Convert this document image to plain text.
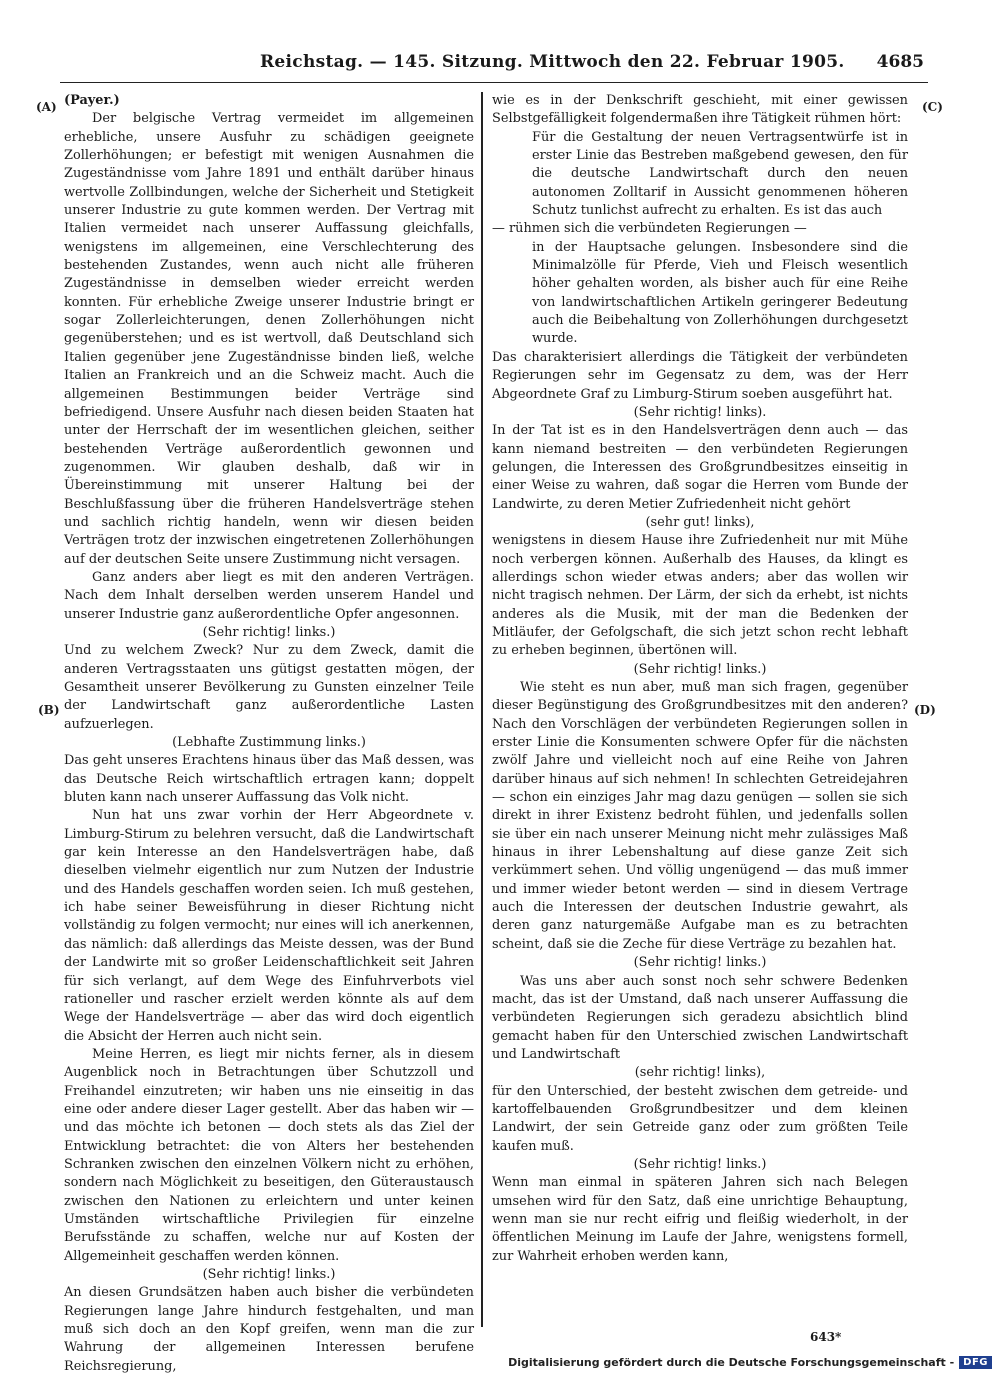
Reichstag. — 145. Sitzung. Mittwoch den 22. Februar 1905. 4685
(A)
(B)
(C)
(D)

(Payer.)

Der belgische Vertrag vermeidet im allgemeinen erhebliche, unsere Ausfuhr zu schädigen geeignete Zollerhöhungen; er befestigt mit wenigen Ausnahmen die Zugeständnisse vom Jahre 1891 und enthält darüber hinaus wertvolle Zollbindungen, welche der Sicherheit und Stetigkeit unserer Industrie zu gute kommen werden. Der Vertrag mit Italien vermeidet nach unserer Auffassung gleichfalls, wenigstens im allgemeinen, eine Verschlechterung des bestehenden Zustandes, wenn auch nicht alle früheren Zugeständnisse in demselben wieder erreicht werden konnten. Für erhebliche Zweige unserer Industrie bringt er sogar Zollerleichterungen, denen Zollerhöhungen nicht gegenüberstehen; und es ist wertvoll, daß Deutschland sich Italien gegenüber jene Zugeständnisse binden ließ, welche Italien an Frankreich und an die Schweiz macht. Auch die allgemeinen Bestimmungen beider Verträge sind befriedigend. Unsere Ausfuhr nach diesen beiden Staaten hat unter der Herrschaft der im wesentlichen gleichen, seither bestehenden Verträge außerordentlich gewonnen und zugenommen. Wir glauben deshalb, daß wir in Übereinstimmung mit unserer Haltung bei der Beschlußfassung über die früheren Handelsverträge stehen und sachlich richtig handeln, wenn wir diesen beiden Verträgen trotz der inzwischen eingetretenen Zollerhöhungen auf der deutschen Seite unsere Zustimmung nicht versagen.

Ganz anders aber liegt es mit den anderen Verträgen. Nach dem Inhalt derselben werden unserem Handel und unserer Industrie ganz außerordentliche Opfer angesonnen.

(Sehr richtig! links.)

Und zu welchem Zweck? Nur zu dem Zweck, damit die anderen Vertragsstaaten uns gütigst gestatten mögen, der Gesamtheit unserer Bevölkerung zu Gunsten einzelner Teile der Landwirtschaft ganz außerordentliche Lasten aufzuerlegen.

(Lebhafte Zustimmung links.)

Das geht unseres Erachtens hinaus über das Maß dessen, was das Deutsche Reich wirtschaftlich ertragen kann; doppelt bluten kann nach unserer Auffassung das Volk nicht.

Nun hat uns zwar vorhin der Herr Abgeordnete v. Limburg-Stirum zu belehren versucht, daß die Landwirtschaft gar kein Interesse an den Handelsverträgen habe, daß dieselben vielmehr eigentlich nur zum Nutzen der Industrie und des Handels geschaffen worden seien. Ich muß gestehen, ich habe seiner Beweisführung in dieser Richtung nicht vollständig zu folgen vermocht; nur eines will ich anerkennen, das nämlich: daß allerdings das Meiste dessen, was der Bund der Landwirte mit so großer Leidenschaftlichkeit seit Jahren für sich verlangt, auf dem Wege des Einfuhrverbots viel rationeller und rascher erzielt werden könnte als auf dem Wege der Handelsverträge — aber das wird doch eigentlich die Absicht der Herren auch nicht sein.

Meine Herren, es liegt mir nichts ferner, als in diesem Augenblick noch in Betrachtungen über Schutzzoll und Freihandel einzutreten; wir haben uns nie einseitig in das eine oder andere dieser Lager gestellt. Aber das haben wir — und das möchte ich betonen — doch stets als das Ziel der Entwicklung betrachtet: die von Alters her bestehenden Schranken zwischen den einzelnen Völkern nicht zu erhöhen, sondern nach Möglichkeit zu beseitigen, den Güteraustausch zwischen den Nationen zu erleichtern und unter keinen Umständen wirtschaftliche Privilegien für einzelne Berufsstände zu schaffen, welche nur auf Kosten der Allgemeinheit geschaffen werden können.

(Sehr richtig! links.)

An diesen Grundsätzen haben auch bisher die verbündeten Regierungen lange Jahre hindurch festgehalten, und man muß sich doch an den Kopf greifen, wenn man die zur Wahrung der allgemeinen Interessen berufene Reichsregierung,

wie es in der Denkschrift geschieht, mit einer gewissen Selbstgefälligkeit folgendermaßen ihre Tätigkeit rühmen hört:

Für die Gestaltung der neuen Vertragsentwürfe ist in erster Linie das Bestreben maßgebend gewesen, den für die deutsche Landwirtschaft durch den neuen autonomen Zolltarif in Aussicht genommenen höheren Schutz tunlichst aufrecht zu erhalten. Es ist das auch

— rühmen sich die verbündeten Regierungen —

in der Hauptsache gelungen. Insbesondere sind die Minimalzölle für Pferde, Vieh und Fleisch wesentlich höher gehalten worden, als bisher auch für eine Reihe von landwirtschaftlichen Artikeln geringerer Bedeutung auch die Beibehaltung von Zollerhöhungen durchgesetzt wurde.

Das charakterisiert allerdings die Tätigkeit der verbündeten Regierungen sehr im Gegensatz zu dem, was der Herr Abgeordnete Graf zu Limburg-Stirum soeben ausgeführt hat.

(Sehr richtig! links).

In der Tat ist es in den Handelsverträgen denn auch — das kann niemand bestreiten — den verbündeten Regierungen gelungen, die Interessen des Großgrundbesitzes einseitig in einer Weise zu wahren, daß sogar die Herren vom Bunde der Landwirte, zu deren Metier Zufriedenheit nicht gehört

(sehr gut! links),

wenigstens in diesem Hause ihre Zufriedenheit nur mit Mühe noch verbergen können. Außerhalb des Hauses, da klingt es allerdings schon wieder etwas anders; aber das wollen wir nicht tragisch nehmen. Der Lärm, der sich da erhebt, ist nichts anderes als die Musik, mit der man die Bedenken der Mitläufer, der Gefolgschaft, die sich jetzt schon recht lebhaft zu erheben beginnen, übertönen will.

(Sehr richtig! links.)

Wie steht es nun aber, muß man sich fragen, gegenüber dieser Begünstigung des Großgrundbesitzes mit den anderen? Nach den Vorschlägen der verbündeten Regierungen sollen in erster Linie die Konsumenten schwere Opfer für die nächsten zwölf Jahre und vielleicht noch auf eine Reihe von Jahren darüber hinaus auf sich nehmen! In schlechten Getreidejahren — schon ein einziges Jahr mag dazu genügen — sollen sie sich direkt in ihrer Existenz bedroht fühlen, und jedenfalls sollen sie über ein nach unserer Meinung nicht mehr zulässiges Maß hinaus in ihrer Lebenshaltung auf diese ganze Zeit sich verkümmert sehen. Und völlig ungenügend — das muß immer und immer wieder betont werden — sind in diesem Vertrage auch die Interessen der deutschen Industrie gewahrt, als deren ganz naturgemäße Aufgabe man es zu betrachten scheint, daß sie die Zeche für diese Verträge zu bezahlen hat.

(Sehr richtig! links.)

Was uns aber auch sonst noch sehr schwere Bedenken macht, das ist der Umstand, daß nach unserer Auffassung die verbündeten Regierungen sich geradezu absichtlich blind gemacht haben für den Unterschied zwischen Landwirtschaft und Landwirtschaft

(sehr richtig! links),

für den Unterschied, der besteht zwischen dem getreide- und kartoffelbauenden Großgrundbesitzer und dem kleinen Landwirt, der sein Getreide ganz oder zum größten Teile kaufen muß.

(Sehr richtig! links.)

Wenn man einmal in späteren Jahren sich nach Belegen umsehen wird für den Satz, daß eine unrichtige Behauptung, wenn man sie nur recht eifrig und fleißig wiederholt, in der öffentlichen Meinung im Laufe der Jahre, wenigstens formell, zur Wahrheit erhoben werden kann,

643*
Digitalisierung gefördert durch die Deutsche Forschungsgemeinschaft - DFG
